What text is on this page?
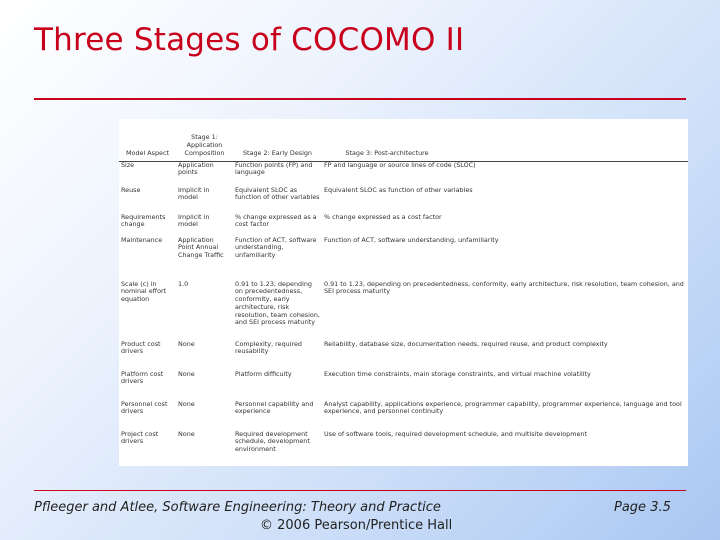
Three Stages of COCOMO II
Model Aspect	Stage 1: Application Composition	Stage 2: Early Design	Stage 3: Post-architecture	

Size	Application points	Function points (FP) and language	FP and language or source lines of code (SLOC)	
Reuse	Implicit in model	Equivalent SLOC as function of other variables	Equivalent SLOC as function of other variables	
Requirements change	Implicit in model	% change expressed as a cost factor	% change expressed as a cost factor	
Maintenance	Application Point Annual Change Traffic	Function of ACT, software understanding, unfamiliarity	Function of ACT, software understanding, unfamiliarity	
Scale (c) in nominal effort equation	1.0	0.91 to 1.23, depending on precedentedness, conformity, early architecture, risk resolution, team cohesion, and SEI process maturity	0.91 to 1.23, depending on precedentedness, conformity, early architecture, risk resolution, team cohesion, and SEI process maturity	
Product cost drivers	None	Complexity, required reusability	Reliability, database size, documentation needs, required reuse, and product complexity	
Platform cost drivers	None	Platform difficulty	Execution time constraints, main storage constraints, and virtual machine volatility	
Personnel cost drivers	None	Personnel capability and experience	Analyst capability, applications experience, programmer capability, programmer experience, language and tool experience, and personnel continuity	
Project cost drivers	None	Required development schedule, development environment	Use of software tools, required development schedule, and multisite development	
Pfleeger and Atlee, Software Engineering: Theory and Practice
© 2006 Pearson/Prentice Hall
Page 3.5
